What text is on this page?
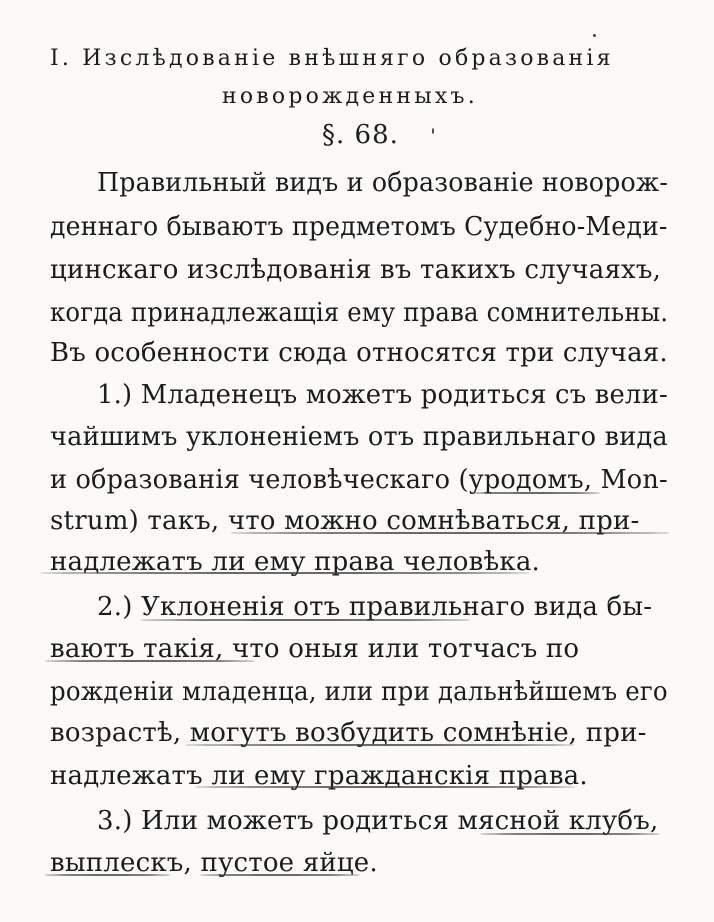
I. Изслѣдованіе внѣшняго образованія
новорожденныхъ.
§. 68.
Правильный видъ и образованіе новорож-
деннаго бываютъ предметомъ Судебно-Меди-
цинскаго изслѣдованія въ такихъ случаяхъ,
когда принадлежащія ему права сомнительны.
Въ особенности сюда относятся три случая.
1.) Младенецъ можетъ родиться съ вели-
чайшимъ уклоненіемъ отъ правильнаго вида
и образованія человѣческаго (уродомъ, Mon-
strum) такъ, что можно сомнѣваться, при-
надлежатъ ли ему права человѣка.
2.) Уклоненія отъ правильнаго вида бы-
ваютъ такія, что оныя или тотчасъ по
рожденіи младенца, или при дальнѣйшемъ его
возрастѣ, могутъ возбудить сомнѣніе, при-
надлежатъ ли ему гражданскія права.
3.) Или можетъ родиться мясной клубъ,
выплескъ, пустое яйце.
